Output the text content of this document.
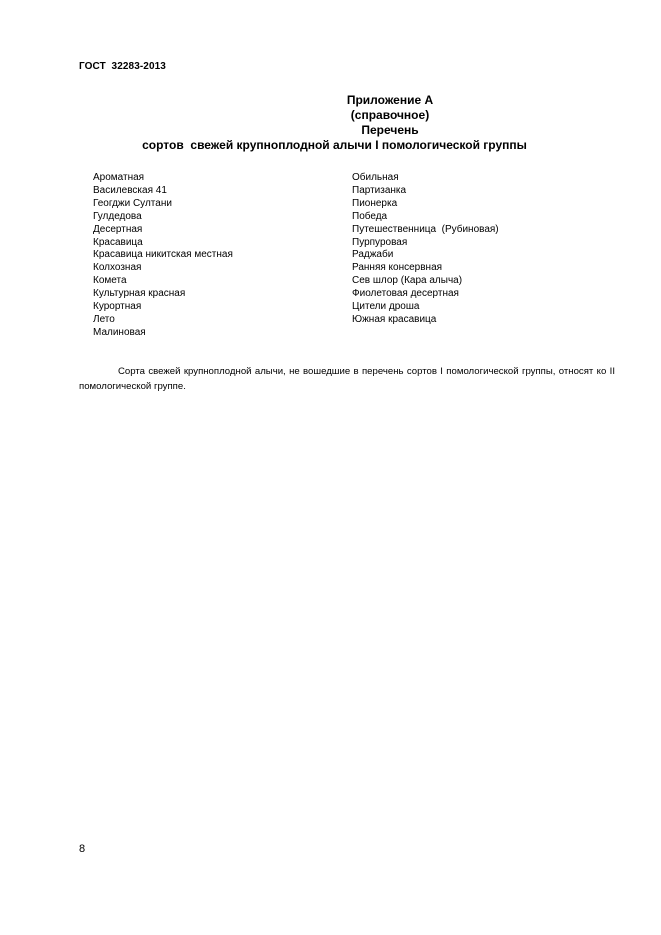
ГОСТ  32283-2013
Приложение А
(справочное)
Перечень
сортов  свежей крупноплодной алычи I помологической группы
Ароматная
Василевская 41
Геогджи Султани
Гулдедова
Десертная
Красавица
Красавица никитская местная
Колхозная
Комета
Культурная красная
Курортная
Лето
Малиновая
Обильная
Партизанка
Пионерка
Победа
Путешественница  (Рубиновая)
Пурпуровая
Раджаби
Ранняя консервная
Сев шлор (Кара алыча)
Фиолетовая десертная
Цители дроша
Южная красавица
Сорта свежей крупноплодной алычи, не вошедшие в перечень сортов I помологической группы, относят ко II помологической группе.
8
